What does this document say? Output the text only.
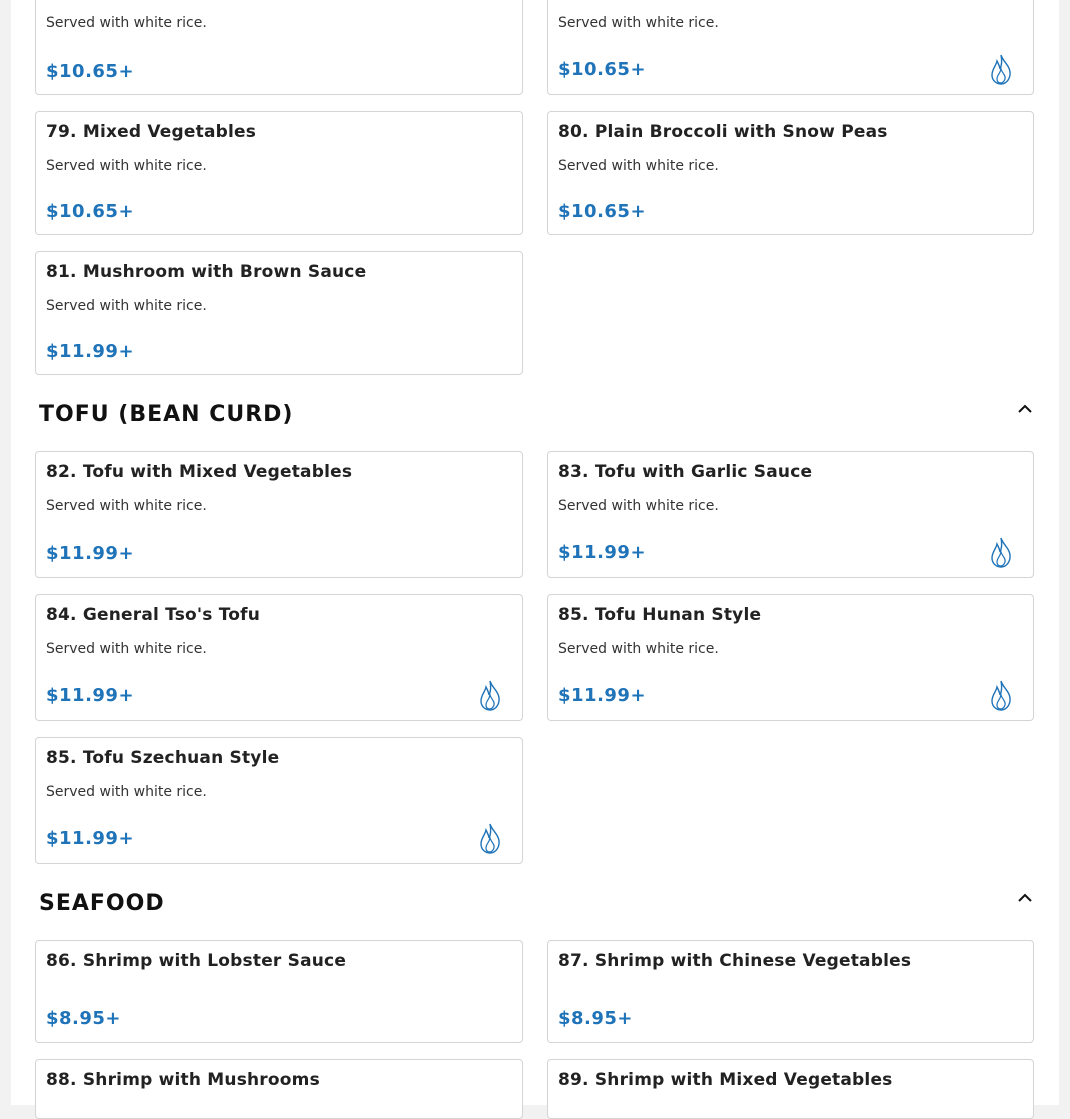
Served with white rice.
$10.65+
Served with white rice.
$10.65+
79. Mixed Vegetables
Served with white rice.
$10.65+
80. Plain Broccoli with Snow Peas
Served with white rice.
$10.65+
81. Mushroom with Brown Sauce
Served with white rice.
$11.99+
TOFU (BEAN CURD)
82. Tofu with Mixed Vegetables
Served with white rice.
$11.99+
83. Tofu with Garlic Sauce
Served with white rice.
$11.99+
84. General Tso's Tofu
Served with white rice.
$11.99+
85. Tofu Hunan Style
Served with white rice.
$11.99+
85. Tofu Szechuan Style
Served with white rice.
$11.99+
SEAFOOD
86. Shrimp with Lobster Sauce
$8.95+
87. Shrimp with Chinese Vegetables
$8.95+
88. Shrimp with Mushrooms	89. Shrimp with Mixed Vegetables
